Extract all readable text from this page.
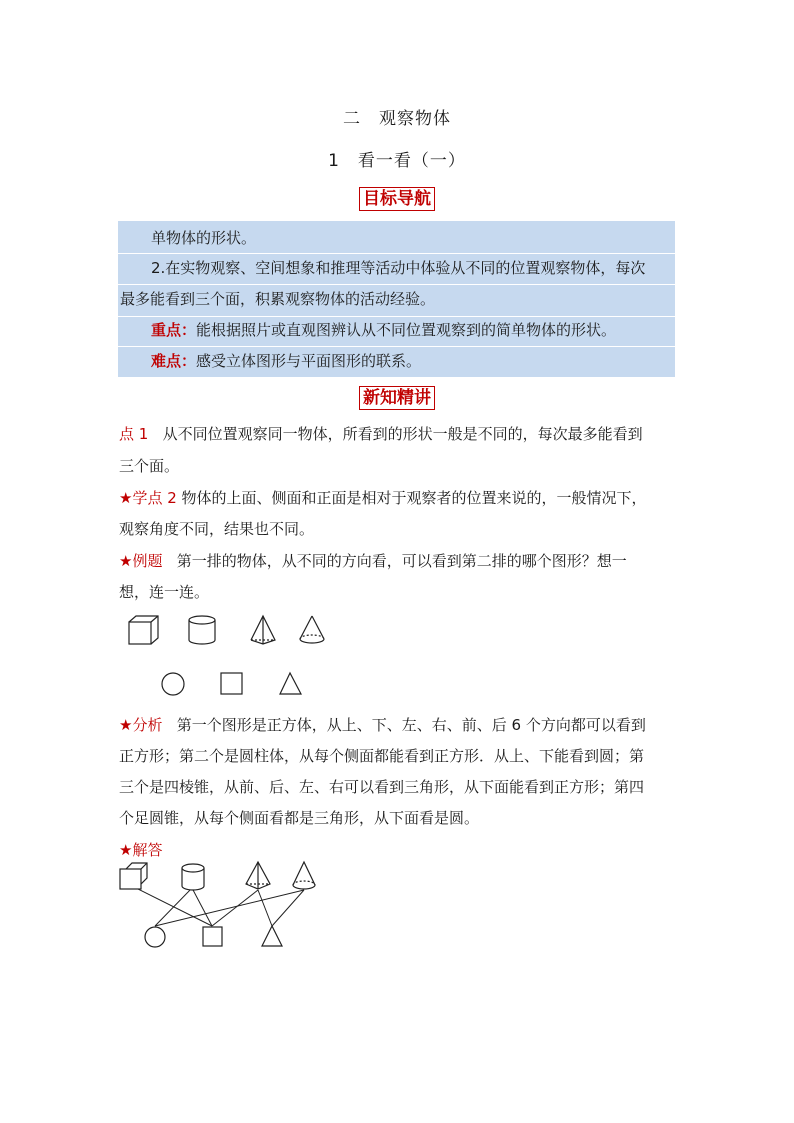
二　观察物体
1　看一看（一）
目标导航
单物体的形状。
2.在实物观察、空间想象和推理等活动中体验从不同的位置观察物体，每次
最多能看到三个面，积累观察物体的活动经验。
重点：能根据照片或直观图辨认从不同位置观察到的简单物体的形状。
难点：感受立体图形与平面图形的联系。
新知精讲
点 1 从不同位置观察同一物体，所看到的形状一般是不同的，每次最多能看到
三个面。
★学点 2 物体的上面、侧面和正面是相对于观察者的位置来说的，一般情况下，
观察角度不同，结果也不同。
★例题 第一排的物体，从不同的方向看，可以看到第二排的哪个图形？想一
想，连一连。
★分析 第一个图形是正方体，从上、下、左、右、前、后 6 个方向都可以看到
正方形；第二个是圆柱体，从每个侧面都能看到正方形．从上、下能看到圆；第
三个是四棱锥，从前、后、左、右可以看到三角形，从下面能看到正方形；第四
个足圆锥，从每个侧面看都是三角形，从下面看是圆。
★解答
